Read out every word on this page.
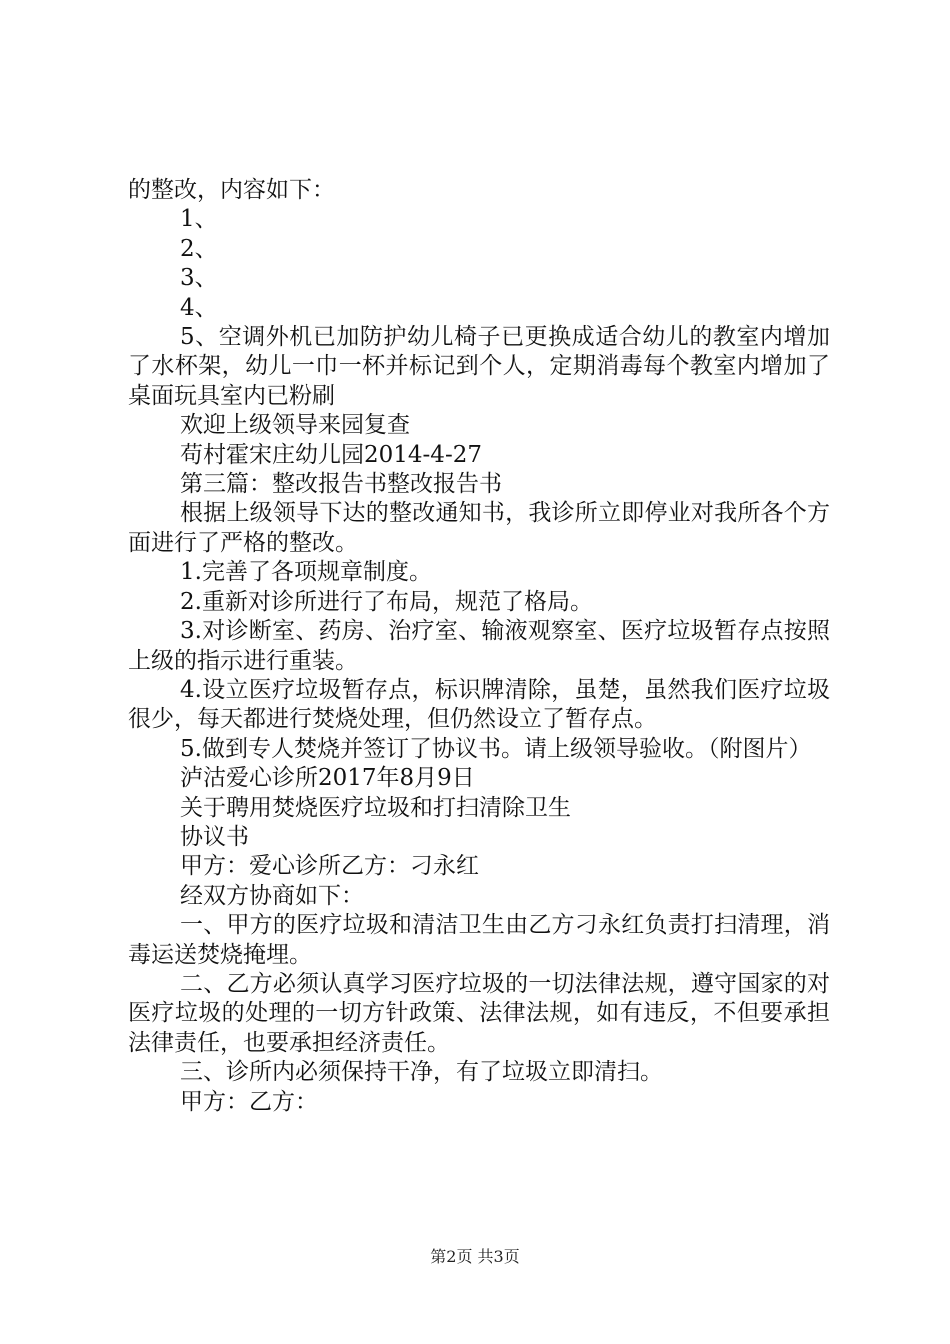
的整改，内容如下：

1、

2、

3、

4、

5、空调外机已加防护幼儿椅子已更换成适合幼儿的教室内增加了水杯架，幼儿一巾一杯并标记到个人，定期消毒每个教室内增加了桌面玩具室内已粉刷

欢迎上级领导来园复查

苟村霍宋庄幼儿园2014-4-27

第三篇：整改报告书整改报告书

根据上级领导下达的整改通知书，我诊所立即停业对我所各个方面进行了严格的整改。

1.完善了各项规章制度。

2.重新对诊所进行了布局，规范了格局。

3.对诊断室、药房、治疗室、输液观察室、医疗垃圾暂存点按照上级的指示进行重装。

4.设立医疗垃圾暂存点，标识牌清除，虽楚，虽然我们医疗垃圾很少，每天都进行焚烧处理，但仍然设立了暂存点。

5.做到专人焚烧并签订了协议书。请上级领导验收。（附图片）

泸沽爱心诊所2017年8月9日

关于聘用焚烧医疗垃圾和打扫清除卫生

协议书

甲方：爱心诊所乙方：刁永红

经双方协商如下：

一、甲方的医疗垃圾和清洁卫生由乙方刁永红负责打扫清理，消毒运送焚烧掩埋。

二、乙方必须认真学习医疗垃圾的一切法律法规，遵守国家的对医疗垃圾的处理的一切方针政策、法律法规，如有违反，不但要承担法律责任，也要承担经济责任。

三、诊所内必须保持干净，有了垃圾立即清扫。

甲方：乙方：

第2页 共3页
